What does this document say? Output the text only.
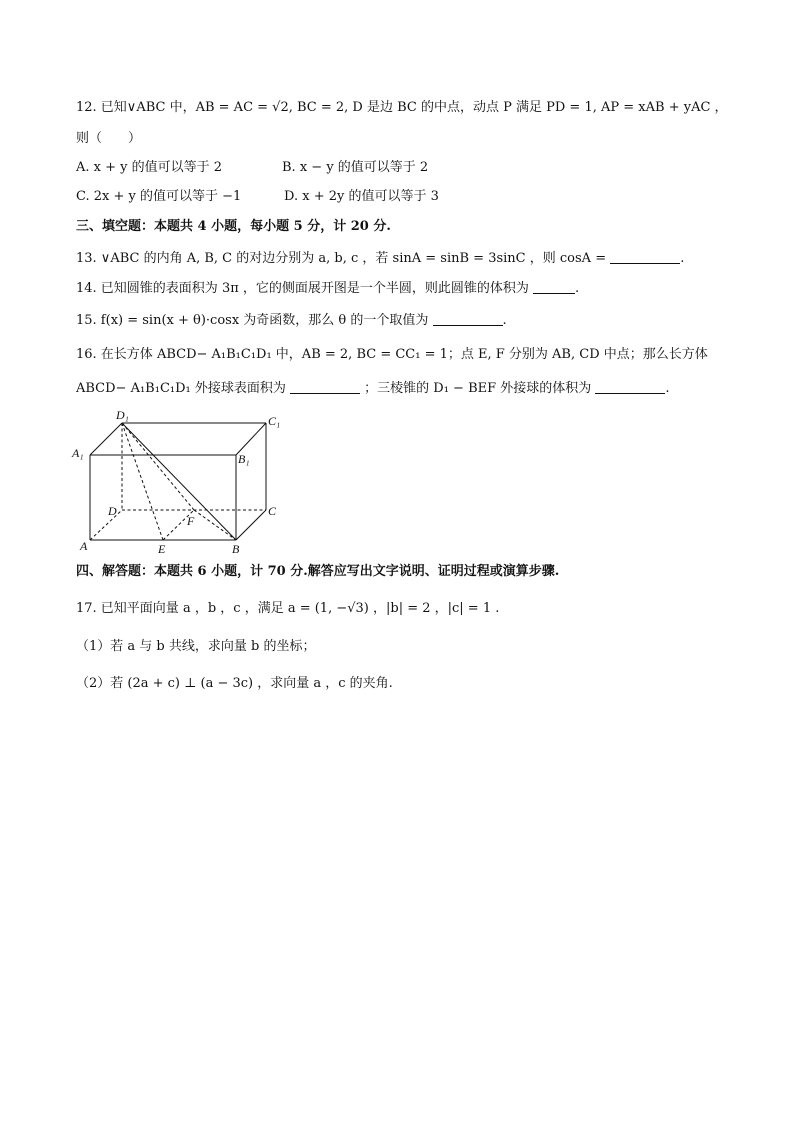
12. 已知∨ABC 中，AB = AC = √2, BC = 2, D 是边 BC 的中点，动点 P 满足 PD = 1, AP = xAB + yAC ，
则（　　）
A. x + y 的值可以等于 2	B. x − y 的值可以等于 2
C. 2x + y 的值可以等于 −1	D. x + 2y 的值可以等于 3
三、填空题：本题共 4 小题，每小题 5 分，计 20 分.
13. ∨ABC 的内角 A, B, C 的对边分别为 a, b, c ，若 sinA = sinB = 3sinC ，则 cosA =	.
14. 已知圆锥的表面积为 3π ，它的侧面展开图是一个半圆，则此圆锥的体积为	.
15. f(x) = sin(x + θ)·cosx 为奇函数，那么 θ 的一个取值为	.
16. 在长方体 ABCD− A₁B₁C₁D₁ 中，AB = 2, BC = CC₁ = 1；点 E, F 分别为 AB, CD 中点；那么长方体
ABCD− A₁B₁C₁D₁ 外接球表面积为	；三棱锥的 D₁ − BEF 外接球的体积为	.
D₁	C₁
A₁	B₁
D	C
F
A	E	B
四、解答题：本题共 6 小题，计 70 分.解答应写出文字说明、证明过程或演算步骤.
17. 已知平面向量 a ，b ，c ，满足 a = (1, −√3) ，|b| = 2 ，|c| = 1 .
（1）若 a 与 b 共线，求向量 b 的坐标；
（2）若 (2a + c) ⊥ (a − 3c) ，求向量 a ，c 的夹角.
